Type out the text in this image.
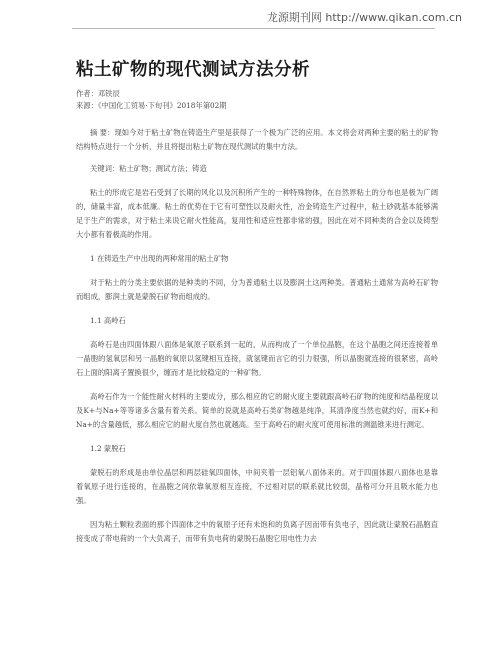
龙源期刊网 http://www.qikan.com.cn
粘土矿物的现代测试方法分析

作者：邓铁辰

来源：《中国化工贸易·下旬刊》2018年第02期

摘 要：现如今对于粘土矿物在铸造生产里是获得了一个极为广泛的应用。本文将会对两种主要的粘土的矿物结构特点进行一个分析，并且将提出粘土矿物在现代测试的集中方法。

关键词：粘土矿物；测试方法；铸造

粘土的形成它是岩石受到了长期的风化以及沉积所产生的一种特殊物体，在自然界粘土的分布也是极为广阔的，储量丰富，成本低廉。粘土的优势在于它有可塑性以及耐火性，冶金铸造生产过程中，粘土砂就基本能够满足于生产的需求，对于粘土来说它耐火性能高，复用性和适应性都非常的强，因此在对不同种类的合金以及铸型大小都有着极高的作用。

1 在铸造生产中出现的两种常用的粘土矿物

对于粘土的分类主要依据的是种类的不同，分为普通粘土以及膨润土这两种类。普通粘土通常为高岭石矿物而组成，膨润土就是蒙脱石矿物而组成的。

1.1 高岭石

高岭石是由四面体跟八面体是氧原子联系到一起的，从而构成了一个单位晶胞，在这个晶胞之间还连接着单一晶胞的氢氧层和另一晶胞的氧原以氢键相互连接，就氢键而言它的引力很强，所以晶胞就连接的很紧密，高岭石上面的阳离子置换很少，缠而才是比较稳定的一种矿物。

高岭石作为一个能性耐火材料的主要成分，那么相应的它的耐火度主要就跟高岭石矿物的纯度和结晶程度以及K+与Na+等等诸多含量有着关系。简单的说就是高岭石类矿物越是纯净，其清净度当然也就约好，而K+和Na+的含量越低，那么相应它的耐火度自然也就越高。至于高岭石的耐火度可使用标准的测温锥来进行测定。

1.2 蒙脱石

蒙脱石的形成是由单位晶层和两层硅氧四面体，中间夹着一层铝氧八面体来的。对于四面体跟八面体也是靠着氧原子进行连接的，在晶胞之间依靠氧原相互连接，不过相对层的联系就比较弱，晶格可分开且吸水能力也强。

因为粘土颗粒表面的那个四面体之中的氧原子还有未饱和的负离子因而带有负电子，因此就让蒙脱石晶胞直接变成了带电荷的一个大负离子，而带有负电荷的蒙脱石晶胞它用电性力去
